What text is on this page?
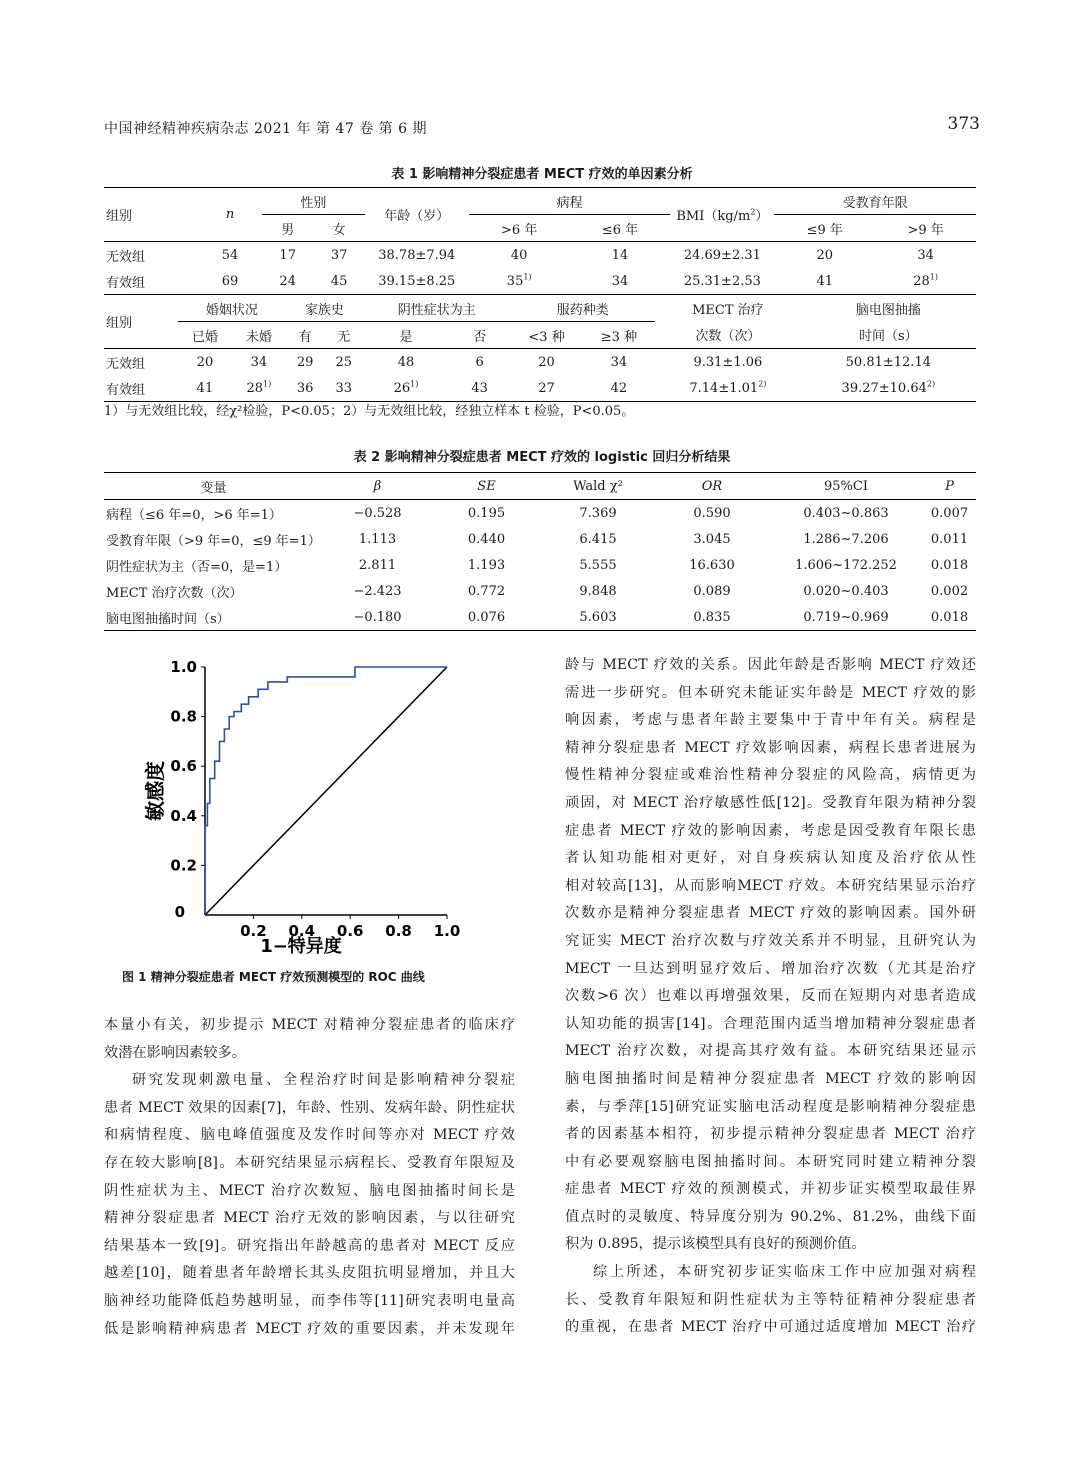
中国神经精神疾病杂志 2021 年 第 47 卷 第 6 期	373
表 1 影响精神分裂症患者 MECT 疗效的单因素分析
组别	n	性别		年龄（岁）	病程		$BMI(kg/m^2)$	受教育年限	
		男	女		>6 年	≤6 年		≤9 年	>9 年
无效组	54	17	37	38.78±7.94	40	14	24.69±2.31	20	34
有效组	69	24	45	39.15±8.25	35$^{1)}$	34	25.31±2.53	41	28$^{1)}$
组别	婚姻状况		家族史		阴性症状为主		服药种类		MECT 治疗	脑电图抽搐
	已婚	未婚	有	无	是	否	<3 种	≥3 种	次数（次）	时间（s）
无效组	20	34	29	25	48	6	20	34	9.31±1.06	50.81±12.14
有效组	41	28$^{1)}$	36	33	26$^{1)}$	43	27	42	$7.14\pm 1.01^{2)}$	$39.27\pm 10.64^{2)}$
1）与无效组比较，经χ²检验，P<0.05；2）与无效组比较，经独立样本 t 检验，P<0.05。
表 2 影响精神分裂症患者 MECT 疗效的 logistic 回归分析结果
变量	β	SE	Wald χ²	OR	95%CI	P
病程（≤6 年=0，>6 年=1）	−0.528	0.195	7.369	0.590	0.403~0.863	0.007
受教育年限（>9 年=0，≤9 年=1）	1.113	0.440	6.415	3.045	1.286~7.206	0.011
阴性症状为主（否=0，是=1）	2.811	1.193	5.555	16.630	1.606~172.252	0.018
MECT 治疗次数（次）	−2.423	0.772	9.848	0.089	0.020~0.403	0.002
脑电图抽搐时间（s）	−0.180	0.076	5.603	0.835	0.719~0.969	0.018
1.0
0.8
0.6
0.4
0.2
0
0.2 0.4 0.6 0.8 1.0
敏感度
1−特异度
图 1 精神分裂症患者 MECT 疗效预测模型的 ROC 曲线
本量小有关，初步提示 MECT 对精神分裂症患者的临床疗
效潜在影响因素较多。
研究发现刺激电量、全程治疗时间是影响精神分裂症
患者 MECT 效果的因素[7]，年龄、性别、发病年龄、阴性症状
和病情程度、脑电峰值强度及发作时间等亦对 MECT 疗效
存在较大影响[8]。本研究结果显示病程长、受教育年限短及
阴性症状为主、MECT 治疗次数短、脑电图抽搐时间长是
精神分裂症患者 MECT 治疗无效的影响因素，与以往研究
结果基本一致[9]。研究指出年龄越高的患者对 MECT 反应
越差[10]，随着患者年龄增长其头皮阻抗明显增加，并且大
脑神经功能降低趋势越明显，而李伟等[11]研究表明电量高
低是影响精神病患者 MECT 疗效的重要因素，并未发现年
龄与 MECT 疗效的关系。因此年龄是否影响 MECT 疗效还
需进一步研究。但本研究未能证实年龄是 MECT 疗效的影
响因素，考虑与患者年龄主要集中于青中年有关。病程是
精神分裂症患者 MECT 疗效影响因素，病程长患者进展为
慢性精神分裂症或难治性精神分裂症的风险高，病情更为
顽固，对 MECT 治疗敏感性低[12]。受教育年限为精神分裂
症患者 MECT 疗效的影响因素，考虑是因受教育年限长患
者认知功能相对更好，对自身疾病认知度及治疗依从性
相对较高[13]，从而影响MECT 疗效。本研究结果显示治疗
次数亦是精神分裂症患者 MECT 疗效的影响因素。国外研
究证实 MECT 治疗次数与疗效关系并不明显，且研究认为
MECT 一旦达到明显疗效后、增加治疗次数（尤其是治疗
次数>6 次）也难以再增强效果，反而在短期内对患者造成
认知功能的损害[14]。合理范围内适当增加精神分裂症患者
MECT 治疗次数，对提高其疗效有益。本研究结果还显示
脑电图抽搐时间是精神分裂症患者 MECT 疗效的影响因
素，与季萍[15]研究证实脑电活动程度是影响精神分裂症患
者的因素基本相符，初步提示精神分裂症患者 MECT 治疗
中有必要观察脑电图抽搐时间。本研究同时建立精神分裂
症患者 MECT 疗效的预测模式，并初步证实模型取最佳界
值点时的灵敏度、特异度分别为 90.2%、81.2%，曲线下面
积为 0.895，提示该模型具有良好的预测价值。
综上所述，本研究初步证实临床工作中应加强对病程
长、受教育年限短和阴性症状为主等特征精神分裂症患者
的重视，在患者 MECT 治疗中可通过适度增加 MECT 治疗
